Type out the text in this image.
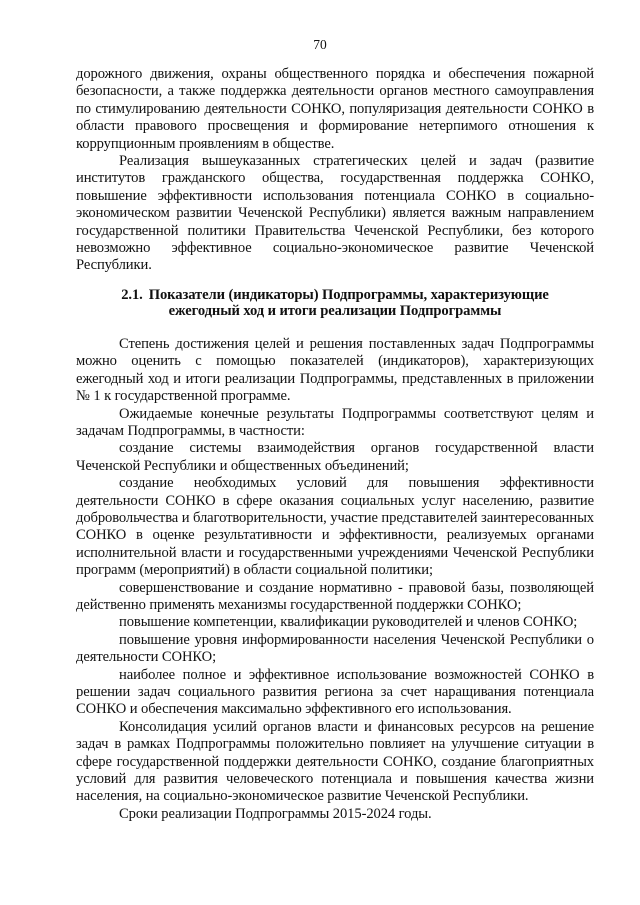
70

дорожного движения, охраны общественного порядка и обеспечения пожарной безопасности, а также поддержка деятельности органов местного самоуправления по стимулированию деятельности СОНКО, популяризация деятельности СОНКО в области правового просвещения и формирование нетерпимого отношения к коррупционным проявлениям в обществе.

Реализация вышеуказанных стратегических целей и задач (развитие институтов гражданского общества, государственная поддержка СОНКО, повышение эффективности использования потенциала СОНКО в социально-экономическом развитии Чеченской Республики) является важным направлением государственной политики Правительства Чеченской Республики, без которого невозможно эффективное социально-экономическое развитие Чеченской Республики.

2.1. Показатели (индикаторы) Подпрограммы, характеризующие ежегодный ход и итоги реализации Подпрограммы

Степень достижения целей и решения поставленных задач Подпрограммы можно оценить с помощью показателей (индикаторов), характеризующих ежегодный ход и итоги реализации Подпрограммы, представленных в приложении № 1 к государственной программе.

Ожидаемые конечные результаты Подпрограммы соответствуют целям и задачам Подпрограммы, в частности:

создание системы взаимодействия органов государственной власти Чеченской Республики и общественных объединений;

создание необходимых условий для повышения эффективности деятельности СОНКО в сфере оказания социальных услуг населению, развитие добровольчества и благотворительности, участие представителей заинтересованных СОНКО в оценке результативности и эффективности, реализуемых органами исполнительной власти и государственными учреждениями Чеченской Республики программ (мероприятий) в области социальной политики;

совершенствование и создание нормативно - правовой базы, позволяющей действенно применять механизмы государственной поддержки СОНКО;

повышение компетенции, квалификации руководителей и членов СОНКО;

повышение уровня информированности населения Чеченской Республики о деятельности СОНКО;

наиболее полное и эффективное использование возможностей СОНКО в решении задач социального развития региона за счет наращивания потенциала СОНКО и обеспечения максимально эффективного его использования.

Консолидация усилий органов власти и финансовых ресурсов на решение задач в рамках Подпрограммы положительно повлияет на улучшение ситуации в сфере государственной поддержки деятельности СОНКО, создание благоприятных условий для развития человеческого потенциала и повышения качества жизни населения, на социально-экономическое развитие Чеченской Республики.

Сроки реализации Подпрограммы 2015-2024 годы.
